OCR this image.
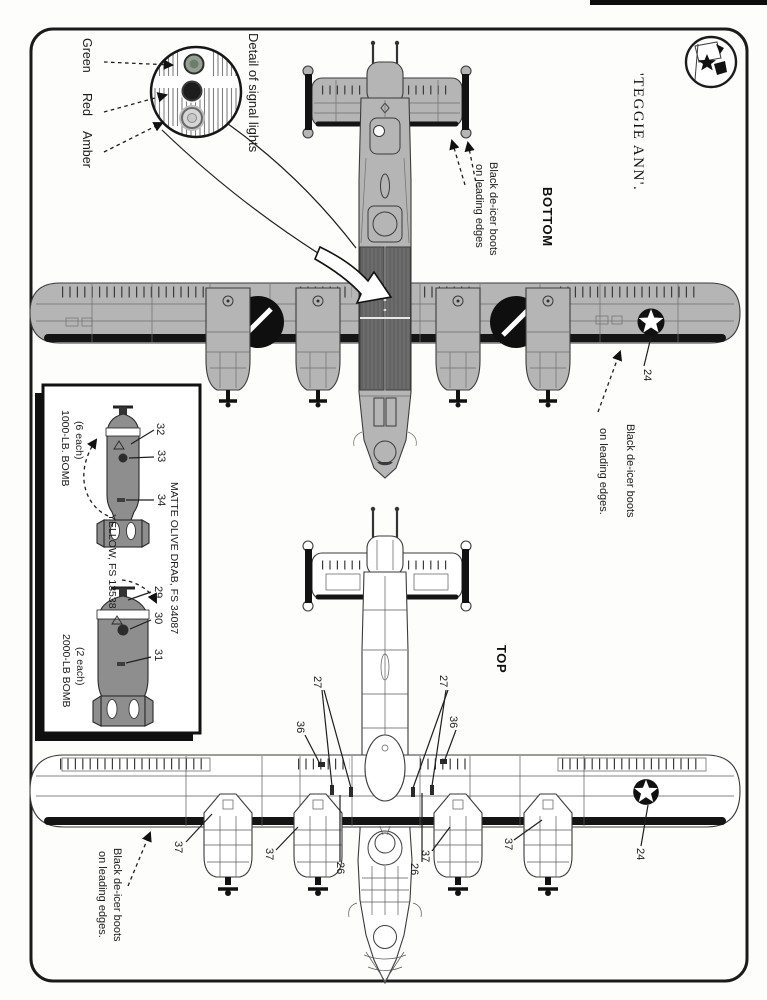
1000-LB. BOMB (6 each)
2000-LB BOMB (2 each)
MATTE OLIVE DRAB, FS 34087
YELLOW, FS 13538
32
33
34
29
30
31
Green
Red
Amber	Detail of signal lights	'TEGGIE ANN'.
BOTTOM
Black de-icer boots
on leading edges
24
Black de-icer boots
on leading edges.
TOP
27	27
36	36
37
37	37
37
26	26
24
Black de-icer boots
on leading edges.
